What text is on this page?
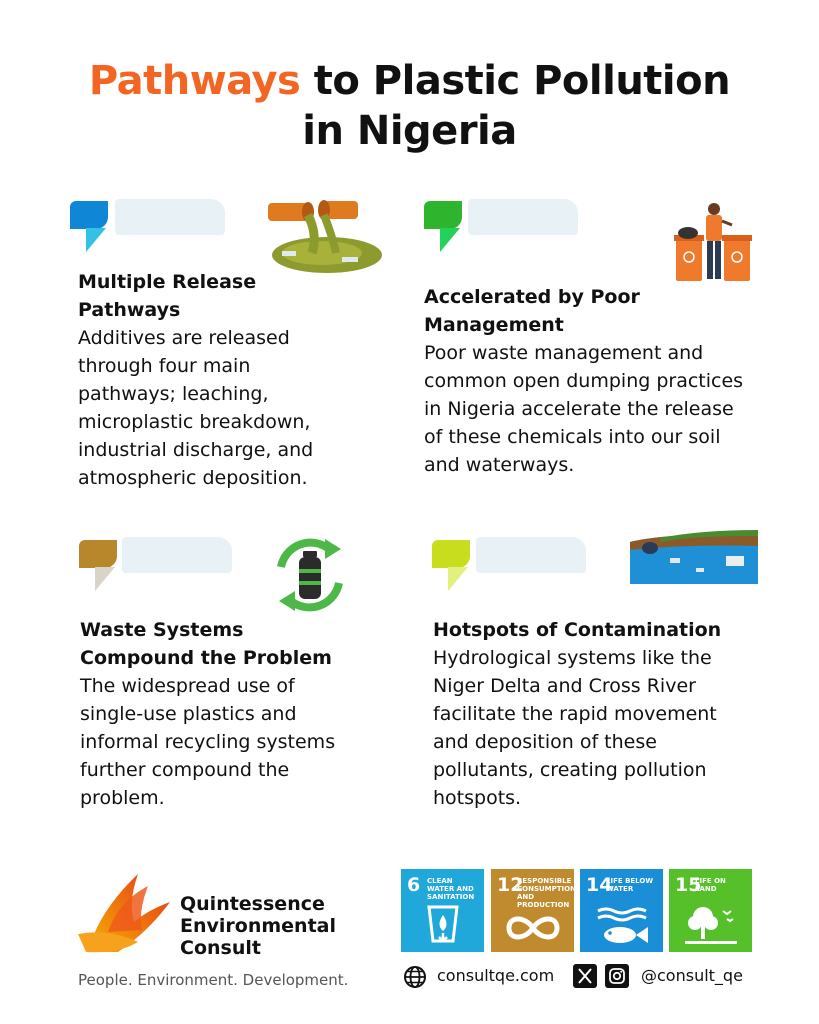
Pathways to Plastic Pollution
in Nigeria
Multiple Release Pathways
Additives are released through four main pathways; leaching, microplastic breakdown, industrial discharge, and atmospheric deposition.
Accelerated by Poor Management
Poor waste management and common open dumping practices in Nigeria accelerate the release of these chemicals into our soil and waterways.
Waste Systems Compound the Problem
The widespread use of single-use plastics and informal recycling systems further compound the problem.
Hotspots of Contamination
Hydrological systems like the Niger Delta and Cross River facilitate the rapid movement and deposition of these pollutants, creating pollution hotspots.
Quintessence
Environmental
Consult
People. Environment. Development.
6 CLEAN WATER AND SANITATION
12
RESPONSIBLE CONSUMPTION AND PRODUCTION
14
LIFE BELOW WATER	15
LIFE ON LAND
consultqe.com	@consult_qe
